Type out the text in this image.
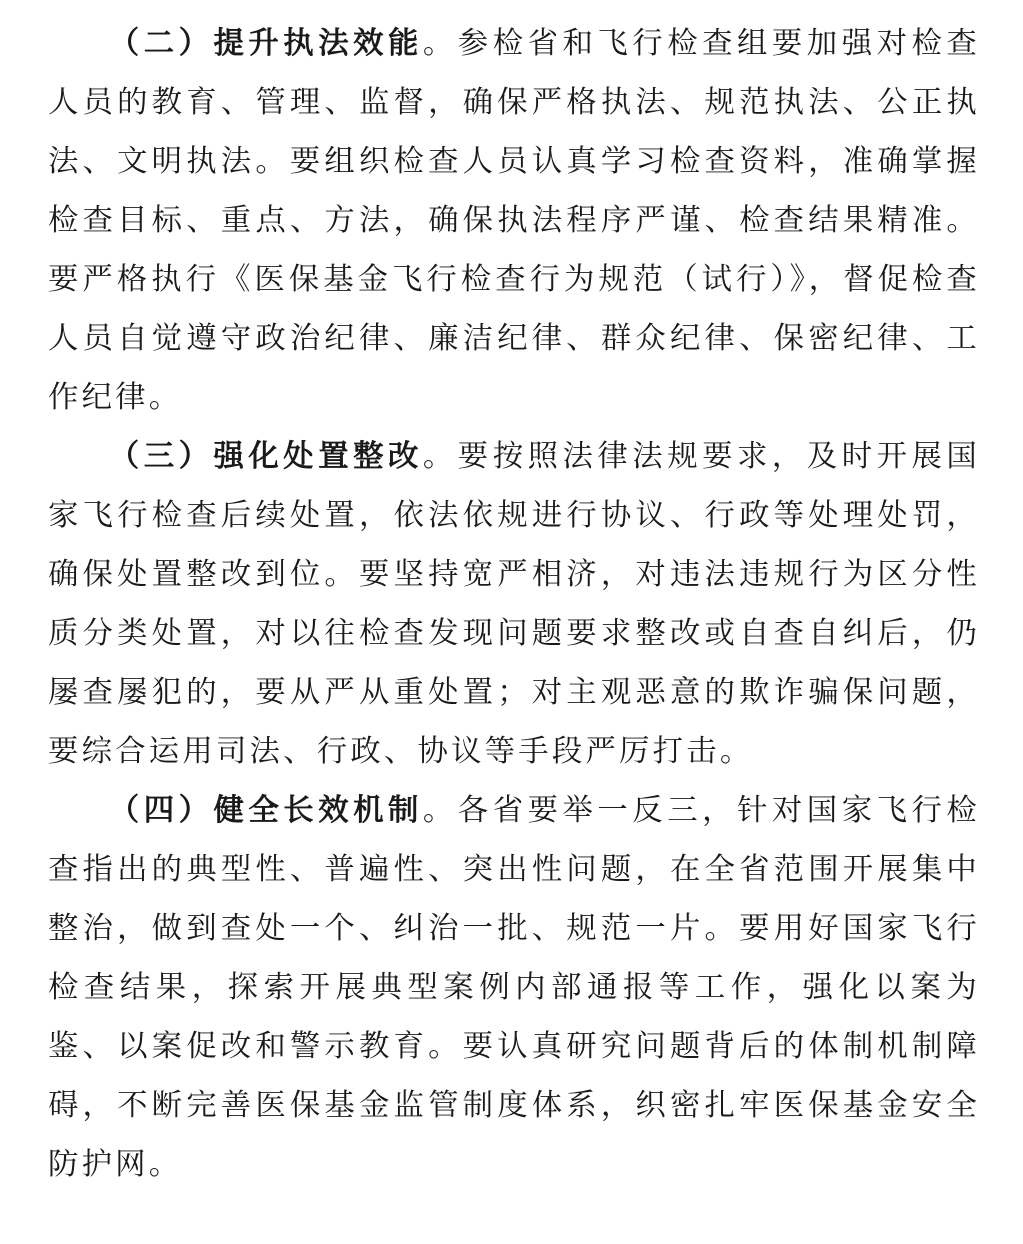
（二）提升执法效能。参检省和飞行检查组要加强对检查人员的教育、管理、监督，确保严格执法、规范执法、公正执法、文明执法。要组织检查人员认真学习检查资料，准确掌握检查目标、重点、方法，确保执法程序严谨、检查结果精准。要严格执行《医保基金飞行检查行为规范（试行）》，督促检查人员自觉遵守政治纪律、廉洁纪律、群众纪律、保密纪律、工作纪律。

（三）强化处置整改。要按照法律法规要求，及时开展国家飞行检查后续处置，依法依规进行协议、行政等处理处罚，确保处置整改到位。要坚持宽严相济，对违法违规行为区分性质分类处置，对以往检查发现问题要求整改或自查自纠后，仍屡查屡犯的，要从严从重处置；对主观恶意的欺诈骗保问题，要综合运用司法、行政、协议等手段严厉打击。

（四）健全长效机制。各省要举一反三，针对国家飞行检查指出的典型性、普遍性、突出性问题，在全省范围开展集中整治，做到查处一个、纠治一批、规范一片。要用好国家飞行检查结果，探索开展典型案例内部通报等工作，强化以案为鉴、以案促改和警示教育。要认真研究问题背后的体制机制障碍，不断完善医保基金监管制度体系，织密扎牢医保基金安全防护网。
